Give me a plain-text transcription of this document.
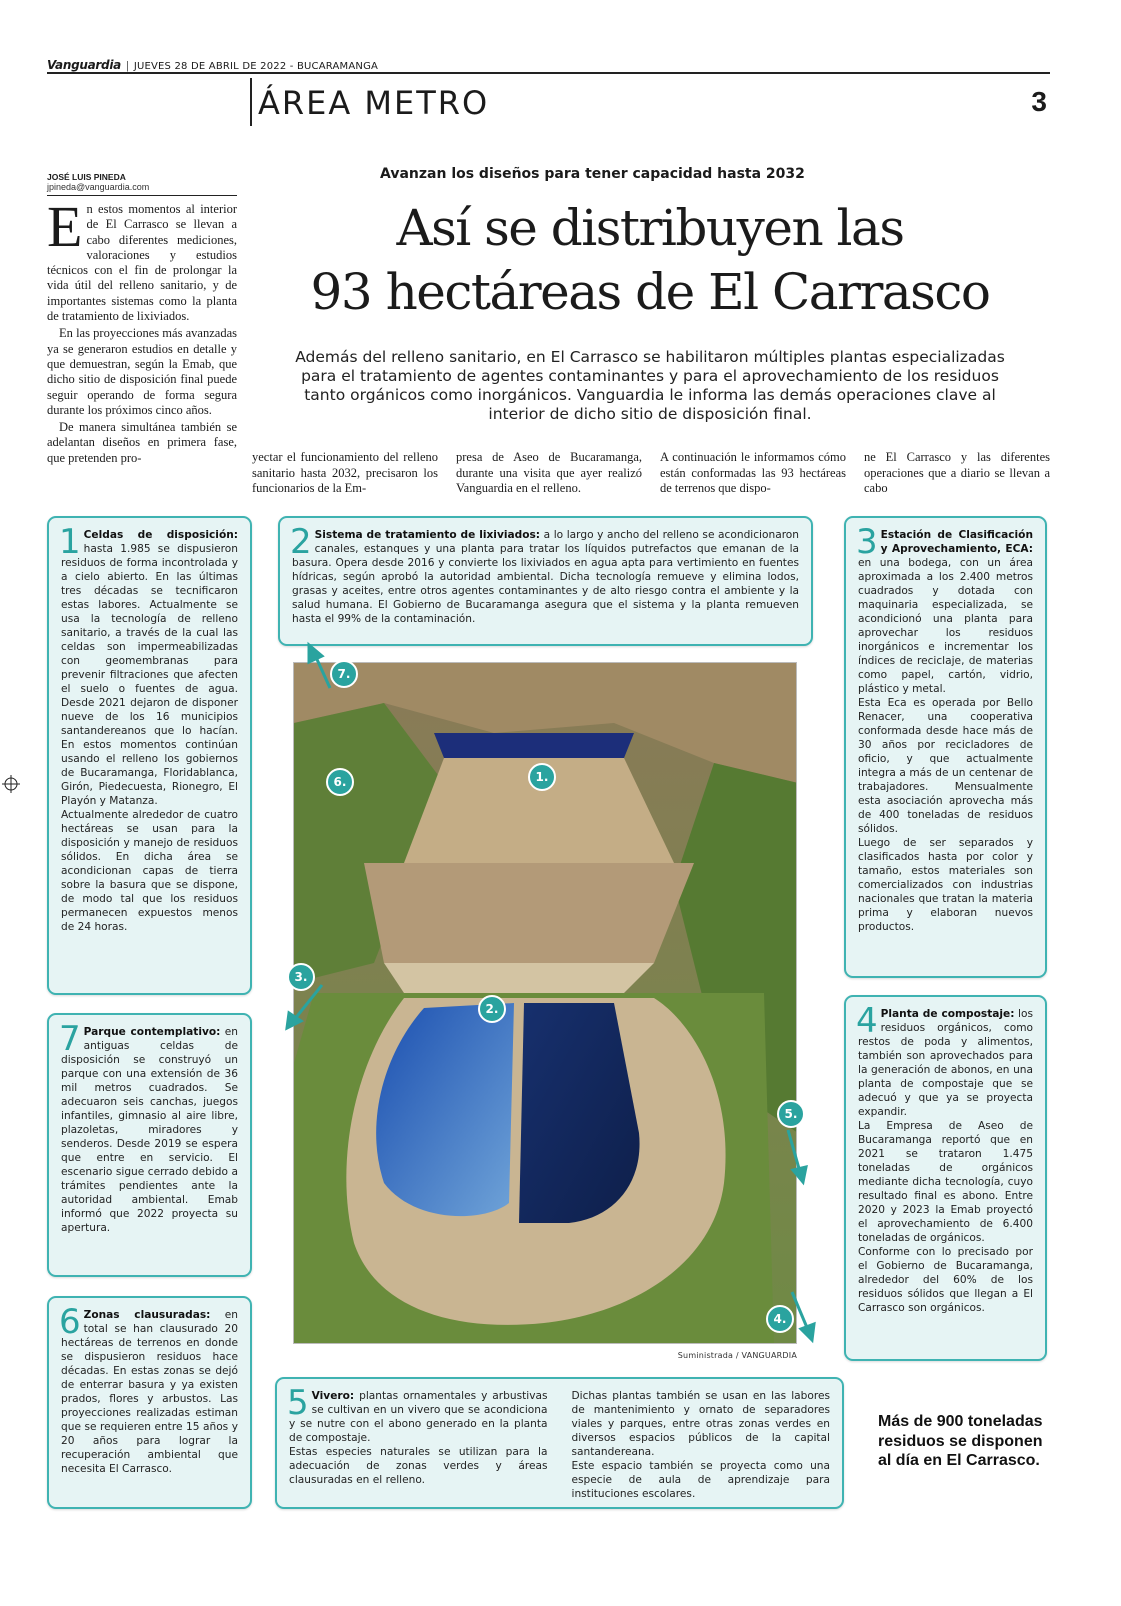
Vanguardia | JUEVES 28 DE ABRIL DE 2022 - BUCARAMANGA
ÁREA METRO	3
JOSÉ LUIS PINEDA
jpineda@vanguardia.com

En estos momentos al interior de El Carrasco se llevan a cabo diferentes mediciones, valoraciones y estudios técnicos con el fin de prolongar la vida útil del relleno sanitario, y de importantes sistemas como la planta de tratamiento de lixiviados.

En las proyecciones más avanzadas ya se generaron estudios en detalle y que demuestran, según la Emab, que dicho sitio de disposición final puede seguir operando de forma segura durante los próximos cinco años.

De manera simultánea también se adelantan diseños en primera fase, que pretenden pro-

Avanzan los diseños para tener capacidad hasta 2032
Así se distribuyen las
93 hectáreas de El Carrasco
Además del relleno sanitario, en El Carrasco se habilitaron múltiples plantas especializadas para el tratamiento de agentes contaminantes y para el aprovechamiento de los residuos tanto orgánicos como inorgánicos. Vanguardia le informa las demás operaciones clave al interior de dicho sitio de disposición final.
yectar el funcionamiento del relleno sanitario hasta 2032, precisaron los funcionarios de la Em-
presa de Aseo de Bucaramanga, durante una visita que ayer realizó Vanguardia en el relleno.
A continuación le informamos cómo están conformadas las 93 hectáreas de terrenos que dispo-
ne El Carrasco y las diferentes operaciones que a diario se llevan a cabo

1 Celdas de disposición: hasta 1.985 se dispusieron residuos de forma incontrolada y a cielo abierto. En las últimas tres décadas se tecnificaron estas labores. Actualmente se usa la tecnología de relleno sanitario, a través de la cual las celdas son impermeabilizadas con geomembranas para prevenir filtraciones que afecten el suelo o fuentes de agua. Desde 2021 dejaron de disponer nueve de los 16 municipios santandereanos que lo hacían. En estos momentos continúan usando el relleno los gobiernos de Bucaramanga, Floridablanca, Girón, Piedecuesta, Rionegro, El Playón y Matanza.

Actualmente alrededor de cuatro hectáreas se usan para la disposición y manejo de residuos sólidos. En dicha área se acondicionan capas de tierra sobre la basura que se dispone, de modo tal que los residuos permanecen expuestos menos de 24 horas.

2 Sistema de tratamiento de lixiviados: a lo largo y ancho del relleno se acondicionaron canales, estanques y una planta para tratar los líquidos putrefactos que emanan de la basura. Opera desde 2016 y convierte los lixiviados en agua apta para vertimiento en fuentes hídricas, según aprobó la autoridad ambiental. Dicha tecnología remueve y elimina lodos, grasas y aceites, entre otros agentes contaminantes y de alto riesgo contra el ambiente y la salud humana. El Gobierno de Bucaramanga asegura que el sistema y la planta remueven hasta el 99% de la contaminación.

3 Estación de Clasificación y Aprovechamiento, ECA: en una bodega, con un área aproximada a los 2.400 metros cuadrados y dotada con maquinaria especializada, se acondicionó una planta para aprovechar los residuos inorgánicos e incrementar los índices de reciclaje, de materias como papel, cartón, vidrio, plástico y metal.

Esta Eca es operada por Bello Renacer, una cooperativa conformada desde hace más de 30 años por recicladores de oficio, y que actualmente integra a más de un centenar de trabajadores. Mensualmente esta asociación aprovecha más de 400 toneladas de residuos sólidos.

Luego de ser separados y clasificados hasta por color y tamaño, estos materiales son comercializados con industrias nacionales que tratan la materia prima y elaboran nuevos productos.

4 Planta de compostaje: los residuos orgánicos, como restos de poda y alimentos, también son aprovechados para la generación de abonos, en una planta de compostaje que se adecuó y que ya se proyecta expandir.

La Empresa de Aseo de Bucaramanga reportó que en 2021 se trataron 1.475 toneladas de orgánicos mediante dicha tecnología, cuyo resultado final es abono. Entre 2020 y 2023 la Emab proyectó el aprovechamiento de 6.400 toneladas de orgánicos.

Conforme con lo precisado por el Gobierno de Bucaramanga, alrededor del 60% de los residuos sólidos que llegan a El Carrasco son orgánicos.

5 Vivero: plantas ornamentales y arbustivas se cultivan en un vivero que se acondiciona y se nutre con el abono generado en la planta de compostaje.

Estas especies naturales se utilizan para la adecuación de zonas verdes y áreas clausuradas en el relleno.

Dichas plantas también se usan en las labores de mantenimiento y ornato de separadores viales y parques, entre otras zonas verdes en diversos espacios públicos de la capital santandereana.

Este espacio también se proyecta como una especie de aula de aprendizaje para instituciones escolares.

6 Zonas clausuradas: en total se han clausurado 20 hectáreas de terrenos en donde se dispusieron residuos hace décadas. En estas zonas se dejó de enterrar basura y ya existen prados, flores y arbustos. Las proyecciones realizadas estiman que se requieren entre 15 años y 20 años para lograr la recuperación ambiental que necesita El Carrasco.

7 Parque contemplativo: en antiguas celdas de disposición se construyó un parque con una extensión de 36 mil metros cuadrados. Se adecuaron seis canchas, juegos infantiles, gimnasio al aire libre, plazoletas, miradores y senderos. Desde 2019 se espera que entre en servicio. El escenario sigue cerrado debido a trámites pendientes ante la autoridad ambiental. Emab informó que 2022 proyecta su apertura.

Suministrada / VANGUARDIA
1.
2.
3.
4.
5.
6.
7.
Más de 900 toneladas residuos se disponen al día en El Carrasco.
